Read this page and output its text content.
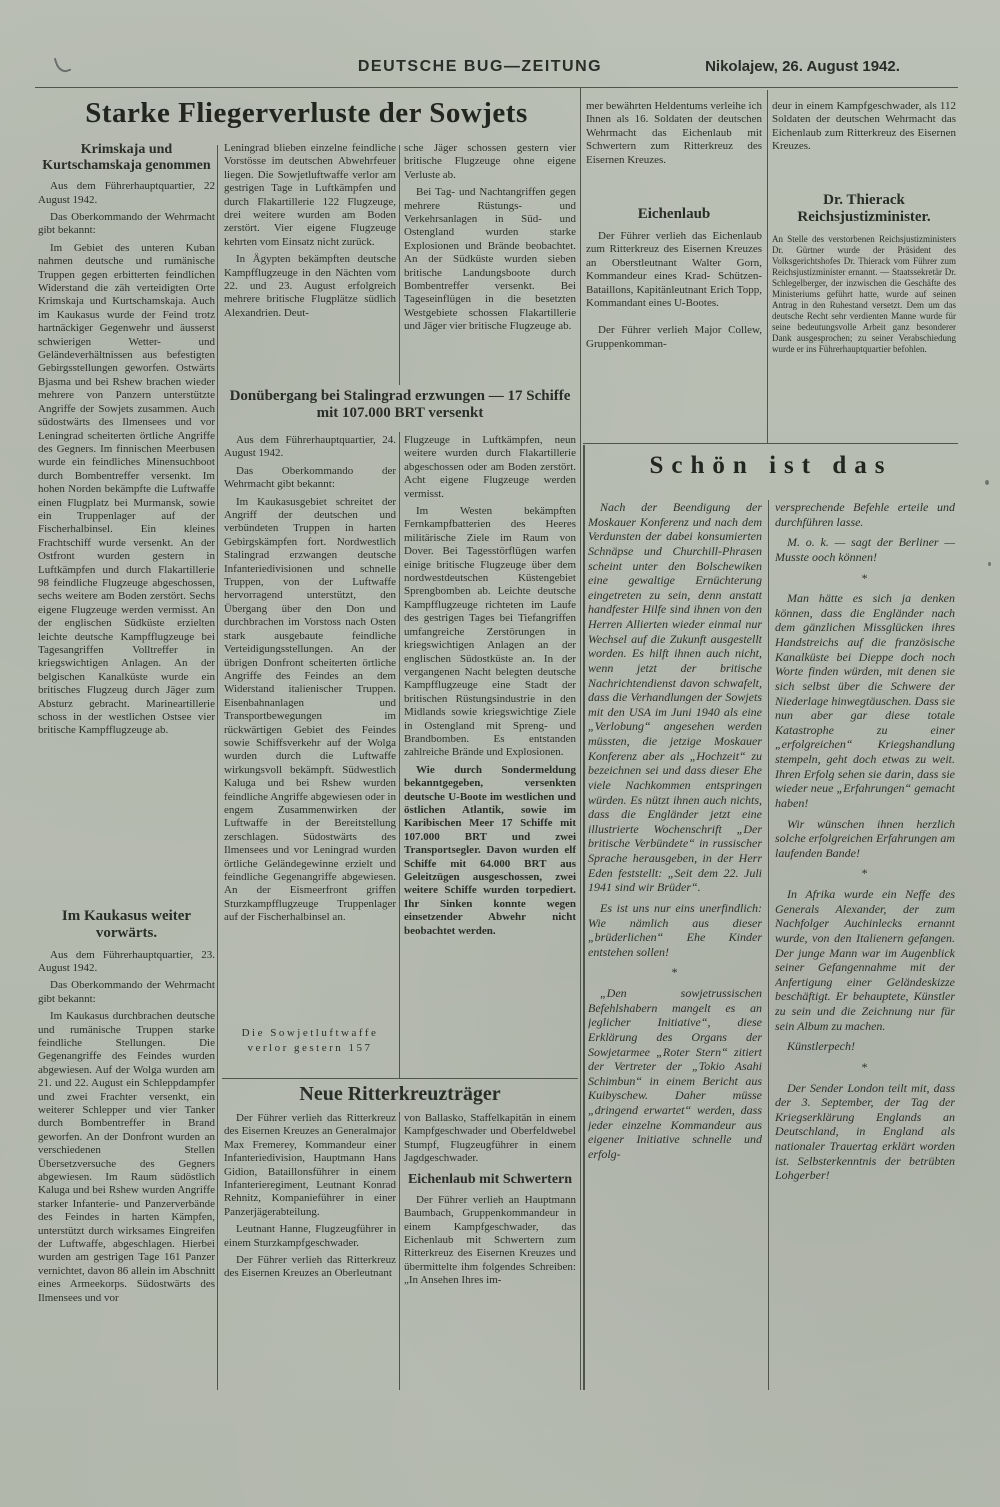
DEUTSCHE BUG—ZEITUNG	Nikolajew, 26. August 1942.
Starke Fliegerverluste der Sowjets
Krimskaja und Kurtschamskaja genommen

Aus dem Führerhauptquartier, 22 August 1942.

Das Oberkommando der Wehrmacht gibt bekannt:

Im Gebiet des unteren Kuban nahmen deutsche und rumänische Truppen gegen erbitterten feindlichen Widerstand die zäh verteidigten Orte Krimskaja und Kurtschamskaja. Auch im Kaukasus wurde der Feind trotz hartnäckiger Gegenwehr und äusserst schwierigen Wetter- und Geländeverhältnissen aus befestigten Gebirgsstellungen geworfen. Ostwärts Bjasma und bei Rshew brachen wieder mehrere von Panzern unterstützte Angriffe der Sowjets zusammen. Auch südostwärts des Ilmensees und vor Leningrad scheiterten örtliche Angriffe des Gegners. Im finnischen Meerbusen wurde ein feindliches Minensuchboot durch Bombentreffer versenkt. Im hohen Norden bekämpfte die Luftwaffe einen Flugplatz bei Murmansk, sowie ein Truppenlager auf der Fischerhalbinsel. Ein kleines Frachtschiff wurde versenkt. An der Ostfront wurden gestern in Luftkämpfen und durch Flakartillerie 98 feindliche Flugzeuge abgeschossen, sechs weitere am Boden zerstört. Sechs eigene Flugzeuge werden vermisst. An der englischen Südküste erzielten leichte deutsche Kampfflugzeuge bei Tagesangriffen Volltreffer in kriegswichtigen Anlagen. An der belgischen Kanalküste wurde ein britisches Flugzeug durch Jäger zum Absturz gebracht. Marineartillerie schoss in der westlichen Ostsee vier britische Kampfflugzeuge ab.

Im Kaukasus weiter vorwärts.

Aus dem Führerhauptquartier, 23. August 1942.

Das Oberkommando der Wehrmacht gibt bekannt:

Im Kaukasus durchbrachen deutsche und rumänische Truppen starke feindliche Stellungen. Die Gegenangriffe des Feindes wurden abgewiesen. Auf der Wolga wurden am 21. und 22. August ein Schleppdampfer und zwei Frachter versenkt, ein weiterer Schlepper und vier Tanker durch Bombentreffer in Brand geworfen. An der Donfront wurden an verschiedenen Stellen Übersetzversuche des Gegners abgewiesen. Im Raum südöstlich Kaluga und bei Rshew wurden Angriffe starker Infanterie- und Panzerverbände des Feindes in harten Kämpfen, unterstützt durch wirksames Eingreifen der Luftwaffe, abgeschlagen. Hierbei wurden am gestrigen Tage 161 Panzer vernichtet, davon 86 allein im Abschnitt eines Armeekorps. Südostwärts des Ilmensees und vor

Leningrad blieben einzelne feindliche Vorstösse im deutschen Abwehrfeuer liegen. Die Sowjetluftwaffe verlor am gestrigen Tage in Luftkämpfen und durch Flakartillerie 122 Flugzeuge, drei weitere wurden am Boden zerstört. Vier eigene Flugzeuge kehrten vom Einsatz nicht zurück.

In Ägypten bekämpften deutsche Kampfflugzeuge in den Nächten vom 22. und 23. August erfolgreich mehrere britische Flugplätze südlich Alexandrien. Deut-

sche Jäger schossen gestern vier britische Flugzeuge ohne eigene Verluste ab.

Bei Tag- und Nachtangriffen gegen mehrere Rüstungs- und Verkehrsanlagen in Süd- und Ostengland wurden starke Explosionen und Brände beobachtet. An der Südküste wurden sieben britische Landungsboote durch Bombentreffer versenkt. Bei Tageseinflügen in die besetzten Westgebiete schossen Flakartillerie und Jäger vier britische Flugzeuge ab.

Donübergang bei Stalingrad erzwungen — 17 Schiffe mit 107.000 BRT versenkt

Aus dem Führerhauptquartier, 24. August 1942.

Das Oberkommando der Wehrmacht gibt bekannt:

Im Kaukasusgebiet schreitet der Angriff der deutschen und verbündeten Truppen in harten Gebirgskämpfen fort. Nordwestlich Stalingrad erzwangen deutsche Infanteriedivisionen und schnelle Truppen, von der Luftwaffe hervorragend unterstützt, den Übergang über den Don und durchbrachen im Vorstoss nach Osten stark ausgebaute feindliche Verteidigungsstellungen. An der übrigen Donfront scheiterten örtliche Angriffe des Feindes an dem Widerstand italienischer Truppen. Eisenbahnanlagen und Transportbewegungen im rückwärtigen Gebiet des Feindes sowie Schiffsverkehr auf der Wolga wurden durch die Luftwaffe wirkungsvoll bekämpft. Südwestlich Kaluga und bei Rshew wurden feindliche Angriffe abgewiesen oder in engem Zusammenwirken der Luftwaffe in der Bereitstellung zerschlagen. Südostwärts des Ilmensees und vor Leningrad wurden örtliche Geländegewinne erzielt und feindliche Gegenangriffe abgewiesen. An der Eismeerfront griffen Sturzkampfflugzeuge Truppenlager auf der Fischerhalbinsel an.

Die Sowjetluftwaffe verlor gestern 157

Flugzeuge in Luftkämpfen, neun weitere wurden durch Flakartillerie abgeschossen oder am Boden zerstört. Acht eigene Flugzeuge werden vermisst.

Im Westen bekämpften Fernkampfbatterien des Heeres militärische Ziele im Raum von Dover. Bei Tagesstörflügen warfen einige britische Flugzeuge über dem nordwestdeutschen Küstengebiet Sprengbomben ab. Leichte deutsche Kampfflugzeuge richteten im Laufe des gestrigen Tages bei Tiefangriffen umfangreiche Zerstörungen in kriegswichtigen Anlagen an der englischen Südostküste an. In der vergangenen Nacht belegten deutsche Kampfflugzeuge eine Stadt der britischen Rüstungsindustrie in den Midlands sowie kriegswichtige Ziele in Ostengland mit Spreng- und Brandbomben. Es entstanden zahlreiche Brände und Explosionen.

Wie durch Sondermeldung bekanntgegeben, versenkten deutsche U-Boote im westlichen und östlichen Atlantik, sowie im Karibischen Meer 17 Schiffe mit 107.000 BRT und zwei Transportsegler. Davon wurden elf Schiffe mit 64.000 BRT aus Geleitzügen ausgeschossen, zwei weitere Schiffe wurden torpediert. Ihr Sinken konnte wegen einsetzender Abwehr nicht beobachtet werden.

Neue Ritterkreuzträger

Der Führer verlieh das Ritterkreuz des Eisernen Kreuzes an Generalmajor Max Fremerey, Kommandeur einer Infanteriedivision, Hauptmann Hans Gidion, Bataillonsführer in einem Infanterieregiment, Leutnant Konrad Rehnitz, Kompanieführer in einer Panzerjägerabteilung.

Leutnant Hanne, Flugzeugführer in einem Sturzkampfgeschwader.

Der Führer verlieh das Ritterkreuz des Eisernen Kreuzes an Oberleutnant

von Ballasko, Staffelkapitän in einem Kampfgeschwader und Oberfeldwebel Stumpf, Flugzeugführer in einem Jagdgeschwader.

Eichenlaub mit Schwertern

Der Führer verlieh an Hauptmann Baumbach, Gruppenkommandeur in einem Kampfgeschwader, das Eichenlaub mit Schwertern zum Ritterkreuz des Eisernen Kreuzes und übermittelte ihm folgendes Schreiben: „In Ansehen Ihres im-

mer bewährten Heldentums verleihe ich Ihnen als 16. Soldaten der deutschen Wehrmacht das Eichenlaub mit Schwertern zum Ritterkreuz des Eisernen Kreuzes.

Eichenlaub

Der Führer verlieh das Eichenlaub zum Ritterkreuz des Eisernen Kreuzes an Oberstleutnant Walter Gorn, Kommandeur eines Krad- Schützen- Bataillons, Kapitänleutnant Erich Topp, Kommandant eines U-Bootes.

Der Führer verlieh Major Collew, Gruppenkomman-

deur in einem Kampfgeschwader, als 112 Soldaten der deutschen Wehrmacht das Eichenlaub zum Ritterkreuz des Eisernen Kreuzes.

Dr. Thierack Reichsjustizminister.

An Stelle des verstorbenen Reichsjustizministers Dr. Gürtner wurde der Präsident des Volksgerichtshofes Dr. Thierack vom Führer zum Reichsjustizminister ernannt. — Staatssekretär Dr. Schlegelberger, der inzwischen die Geschäfte des Ministeriums geführt hatte, wurde auf seinen Antrag in den Ruhestand versetzt. Dem um das deutsche Recht sehr verdienten Manne wurde für seine bedeutungsvolle Arbeit ganz besonderer Dank ausgesprochen; zu seiner Verabschiedung wurde er ins Führerhauptquartier befohlen.

Schön ist das

Nach der Beendigung der Moskauer Konferenz und nach dem Verdunsten der dabei konsumierten Schnäpse und Churchill-Phrasen scheint unter den Bolschewiken eine gewaltige Ernüchterung eingetreten zu sein, denn anstatt handfester Hilfe sind ihnen von den Herren Allierten wieder einmal nur Wechsel auf die Zukunft ausgestellt worden. Es hilft ihnen auch nicht, wenn jetzt der britische Nachrichtendienst davon schwafelt, dass die Verhandlungen der Sowjets mit den USA im Juni 1940 als eine „Verlobung“ angesehen werden müssten, die jetzige Moskauer Konferenz aber als „Hochzeit“ zu bezeichnen sei und dass dieser Ehe viele Nachkommen entspringen würden. Es nützt ihnen auch nichts, dass die Engländer jetzt eine illustrierte Wochenschrift „Der britische Verbündete“ in russischer Sprache herausgeben, in der Herr Eden feststellt: „Seit dem 22. Juli 1941 sind wir Brüder“.

Es ist uns nur eins unerfindlich: Wie nämlich aus dieser „brüderlichen“ Ehe Kinder entstehen sollen!

*

„Den sowjetrussischen Befehlshabern mangelt es an jeglicher Initiative“, diese Erklärung des Organs der Sowjetarmee „Roter Stern“ zitiert der Vertreter der „Tokio Asahi Schimbun“ in einem Bericht aus Kuibyschew. Daher müsse „dringend erwartet“ werden, dass jeder einzelne Kommandeur aus eigener Initiative schnelle und erfolg-

versprechende Befehle erteile und durchführen lasse.

M. o. k. — sagt der Berliner — Musste ooch können!

*

Man hätte es sich ja denken können, dass die Engländer nach dem gänzlichen Missglücken ihres Handstreichs auf die französische Kanalküste bei Dieppe doch noch Worte finden würden, mit denen sie sich selbst über die Schwere der Niederlage hinwegtäuschen. Dass sie nun aber gar diese totale Katastrophe zu einer „erfolgreichen“ Kriegshandlung stempeln, geht doch etwas zu weit. Ihren Erfolg sehen sie darin, dass sie wieder neue „Erfahrungen“ gemacht haben!

Wir wünschen ihnen herzlich solche erfolgreichen Erfahrungen am laufenden Bande!

*

In Afrika wurde ein Neffe des Generals Alexander, der zum Nachfolger Auchinlecks ernannt wurde, von den Italienern gefangen. Der junge Mann war im Augenblick seiner Gefangennahme mit der Anfertigung einer Geländeskizze beschäftigt. Er behauptete, Künstler zu sein und die Zeichnung nur für sein Album zu machen.

Künstlerpech!

*

Der Sender London teilt mit, dass der 3. September, der Tag der Kriegserklärung Englands an Deutschland, in England als nationaler Trauertag erklärt worden ist. Selbsterkenntnis der betrübten Lohgerber!
